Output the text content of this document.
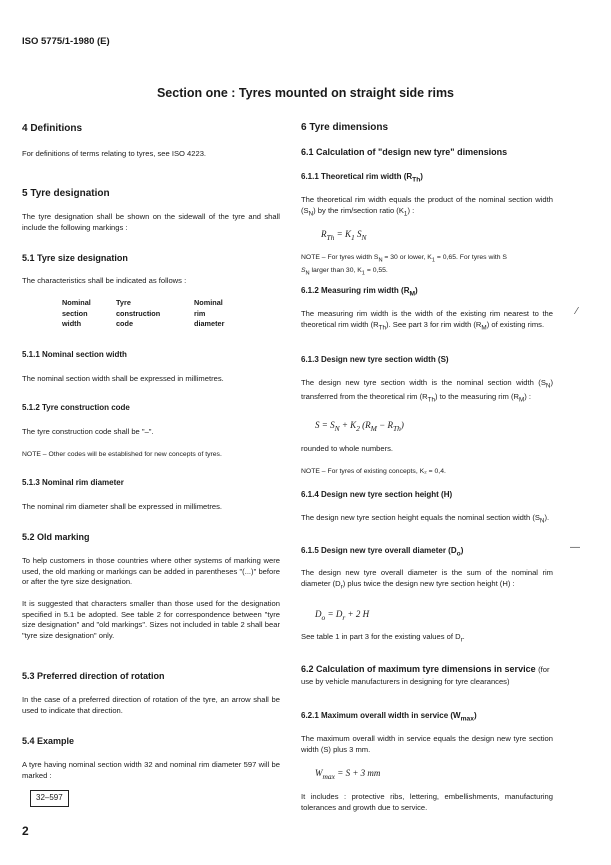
ISO 5775/1-1980 (E)
Section one : Tyres mounted on straight side rims
4 Definitions
For definitions of terms relating to tyres, see ISO 4223.
5 Tyre designation
The tyre designation shall be shown on the sidewall of the tyre and shall include the following markings :
5.1 Tyre size designation
The characteristics shall be indicated as follows :
Nominal
section
width

Tyre
construction
code

Nominal
rim
diameter
5.1.1 Nominal section width
The nominal section width shall be expressed in millimetres.
5.1.2 Tyre construction code
The tyre construction code shall be "–".
NOTE – Other codes will be established for new concepts of tyres.
5.1.3 Nominal rim diameter
The nominal rim diameter shall be expressed in millimetres.
5.2 Old marking
To help customers in those countries where other systems of marking were used, the old marking or markings can be added in parentheses "(...)" before or after the tyre size designation.
It is suggested that characters smaller than those used for the designation specified in 5.1 be adopted. See table 2 for correspondence between "tyre size designation" and "old markings". Sizes not included in table 2 shall bear "tyre size designation" only.
5.3 Preferred direction of rotation
In the case of a preferred direction of rotation of the tyre, an arrow shall be used to indicate that direction.
5.4 Example
A tyre having nominal section width 32 and nominal rim diameter 597 will be marked :
32–597
6 Tyre dimensions
6.1 Calculation of "design new tyre" dimensions
6.1.1 Theoretical rim width $(R_{Th})$
The theoretical rim width equals the product of the nominal section width $(S_N)$ by the rim/section ratio $(K_1)$ :
$R_{Th} = K_1$ $S_N$
NOTE – For tyres width $S_N = 30$ or lower, $K_1 = 0,65$. For tyres with S
$S_N$ larger than 30, $K_1 = 0,55$.
6.1.2 Measuring rim width $(R_M)$
The measuring rim width is the width of the existing rim nearest to the theoretical rim width $(R_{Th})$. See part 3 for rim width $(R_M)$ of existing rims.
6.1.3 Design new tyre section width (S)
The design new tyre section width is the nominal section width $(S_N)$ transferred from the theoretical rim $(R_{Th})$ to the measuring rim $(R_M)$ :
$S = S_N + K_2$ $(R_M - R_{Th})$
rounded to whole numbers.
NOTE – For tyres of existing concepts, K₂ = 0,4.
6.1.4 Design new tyre section height (H)
The design new tyre section height equals the nominal section width $(S_N)$.
6.1.5 Design new tyre overall diameter $(D_o)$
The design new tyre overall diameter is the sum of the nominal rim diameter $(D_r)$ plus twice the design new tyre section height (H) :
$D_o = D_r + 2$ H
See table 1 in part 3 for the existing values of $D_r$.
6.2 Calculation of maximum tyre dimensions in service (for use by vehicle manufacturers in designing for tyre clearances)
6.2.1 Maximum overall width in service $(W_{max})$
The maximum overall width in service equals the design new tyre section width (S) plus 3 mm.
$W_{max} = S + 3$ mm
It includes : protective ribs, lettering, embellishments, manufacturing tolerances and growth due to service.
⁄
—
2
